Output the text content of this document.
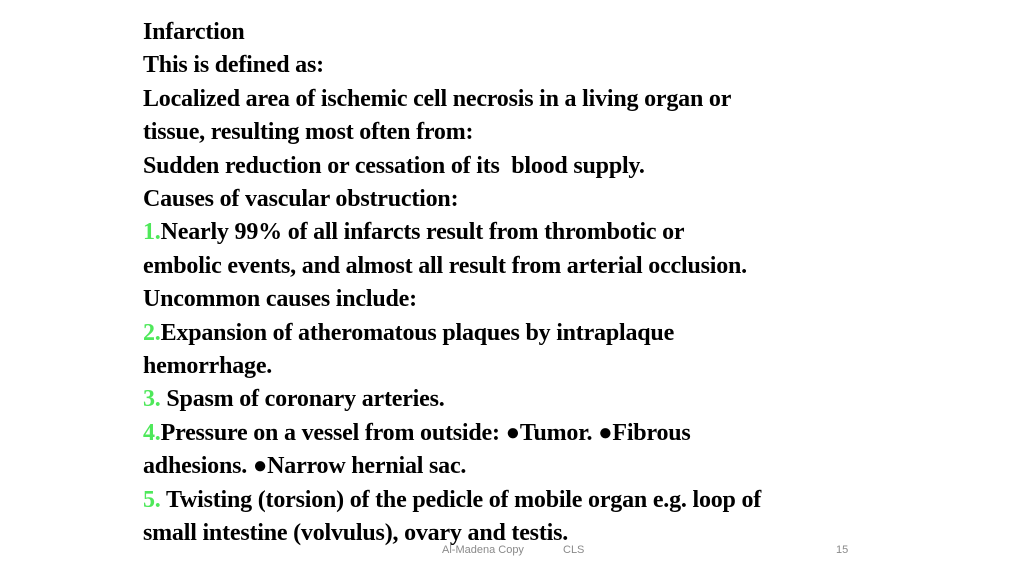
Infarction
This is defined as:
Localized area of ischemic cell necrosis in a living organ or
tissue, resulting most often from:
Sudden reduction or cessation of its  blood supply.
Causes of vascular obstruction:
1.Nearly 99% of all infarcts result from thrombotic or
embolic events, and almost all result from arterial occlusion.
Uncommon causes include:
2.Expansion of atheromatous plaques by intraplaque
hemorrhage.
3. Spasm of coronary arteries.
4.Pressure on a vessel from outside: ●Tumor. ●Fibrous
adhesions. ●Narrow hernial sac.
5. Twisting (torsion) of the pedicle of mobile organ e.g. loop of
small intestine (volvulus), ovary and testis.
Al-Madena Copy	CLS	15
